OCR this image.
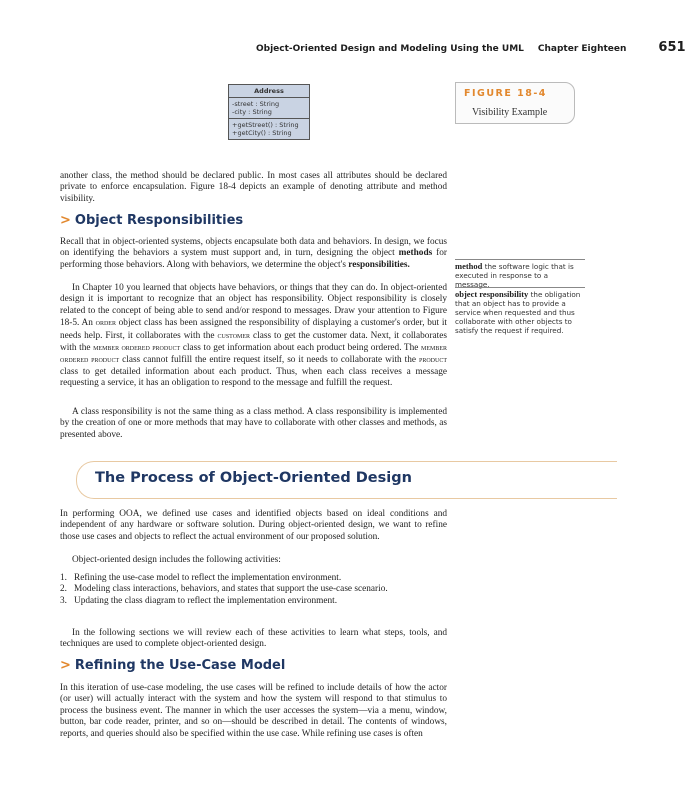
Object-Oriented Design and Modeling Using the UML Chapter Eighteen 651
Address
-street : String
-city : String
+getStreet() : String
+getCity() : String
FIGURE 18-4
Visibility Example
another class, the method should be declared public. In most cases all attributes should be declared private to enforce encapsulation. Figure 18-4 depicts an example of denoting attribute and method visibility.
> Object Responsibilities
Recall that in object-oriented systems, objects encapsulate both data and behaviors. In design, we focus on identifying the behaviors a system must support and, in turn, designing the object methods for performing those behaviors. Along with behaviors, we determine the object's responsibilities.
In Chapter 10 you learned that objects have behaviors, or things that they can do. In object-oriented design it is important to recognize that an object has responsibility. Object responsibility is closely related to the concept of being able to send and/or respond to messages. Draw your attention to Figure 18-5. An order object class has been assigned the responsibility of displaying a customer's order, but it needs help. First, it collaborates with the customer class to get the customer data. Next, it collaborates with the member ordered product class to get information about each product being ordered. The member ordered product class cannot fulfill the entire request itself, so it needs to collaborate with the product class to get detailed information about each product. Thus, when each class receives a message requesting a service, it has an obligation to respond to the message and fulfill the request.
A class responsibility is not the same thing as a class method. A class responsibility is implemented by the creation of one or more methods that may have to collaborate with other classes and methods, as presented above.
method the software logic that is executed in response to a message.
object responsibility the obligation that an object has to provide a service when requested and thus collaborate with other objects to satisfy the request if required.
The Process of Object-Oriented Design
In performing OOA, we defined use cases and identified objects based on ideal conditions and independent of any hardware or software solution. During object-oriented design, we want to refine those use cases and objects to reflect the actual environment of our proposed solution.
Object-oriented design includes the following activities:
1. Refining the use-case model to reflect the implementation environment.
2. Modeling class interactions, behaviors, and states that support the use-case scenario.
3. Updating the class diagram to reflect the implementation environment.
In the following sections we will review each of these activities to learn what steps, tools, and techniques are used to complete object-oriented design.
> Refining the Use-Case Model
In this iteration of use-case modeling, the use cases will be refined to include details of how the actor (or user) will actually interact with the system and how the system will respond to that stimulus to process the business event. The manner in which the user accesses the system—via a menu, window, button, bar code reader, printer, and so on—should be described in detail. The contents of windows, reports, and queries should also be specified within the use case. While refining use cases is often
